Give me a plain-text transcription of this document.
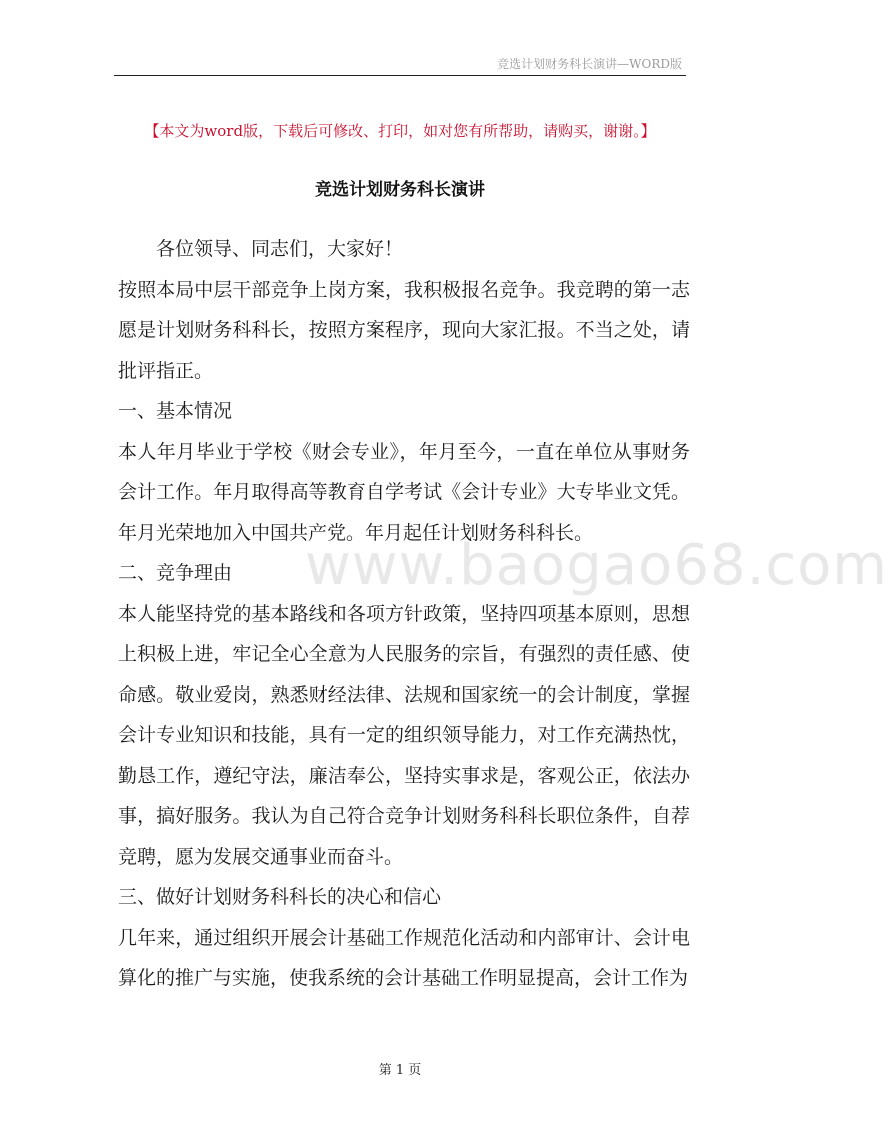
竞选计划财务科长演讲—WORD版
【本文为word版，下载后可修改、打印，如对您有所帮助，请购买，谢谢。】
竞选计划财务科长演讲
www.baogao68.com

各位领导、同志们，大家好！

按照本局中层干部竞争上岗方案，我积极报名竞争。我竞聘的第一志愿是计划财务科科长，按照方案程序，现向大家汇报。不当之处，请批评指正。

一、基本情况

本人年月毕业于学校《财会专业》，年月至今，一直在单位从事财务会计工作。年月取得高等教育自学考试《会计专业》大专毕业文凭。年月光荣地加入中国共产党。年月起任计划财务科科长。

二、竞争理由

本人能坚持党的基本路线和各项方针政策，坚持四项基本原则，思想上积极上进，牢记全心全意为人民服务的宗旨，有强烈的责任感、使命感。敬业爱岗，熟悉财经法律、法规和国家统一的会计制度，掌握会计专业知识和技能，具有一定的组织领导能力，对工作充满热忱，勤恳工作，遵纪守法，廉洁奉公，坚持实事求是，客观公正，依法办事，搞好服务。我认为自己符合竞争计划财务科科长职位条件，自荐竞聘，愿为发展交通事业而奋斗。

三、做好计划财务科科长的决心和信心

几年来，通过组织开展会计基础工作规范化活动和内部审计、会计电算化的推广与实施，使我系统的会计基础工作明显提高，会计工作为

第 1 页
